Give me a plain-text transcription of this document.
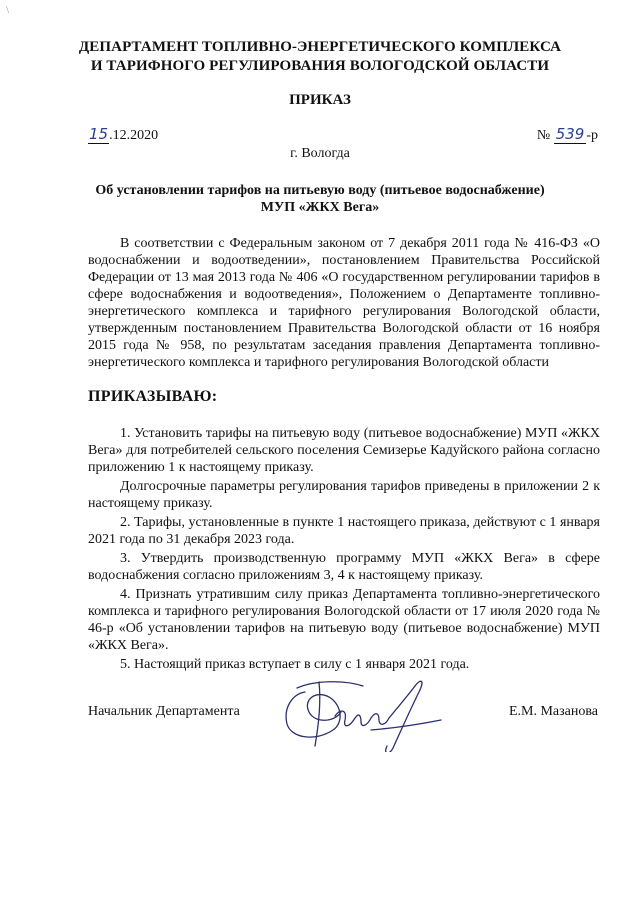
\
ДЕПАРТАМЕНТ ТОПЛИВНО-ЭНЕРГЕТИЧЕСКОГО КОМПЛЕКСА
И ТАРИФНОГО РЕГУЛИРОВАНИЯ ВОЛОГОДСКОЙ ОБЛАСТИ
ПРИКАЗ
15.12.2020	№ 539 -р
г. Вологда
Об установлении тарифов на питьевую воду (питьевое водоснабжение)
МУП «ЖКХ Вега»

В соответствии с Федеральным законом от 7 декабря 2011 года № 416-ФЗ «О водоснабжении и водоотведении», постановлением Правительства Российской Федерации от 13 мая 2013 года № 406 «О государственном регулировании тарифов в сфере водоснабжения и водоотведения», Положением о Департаменте топливно-энергетического комплекса и тарифного регулирования Вологодской области, утвержденным постановлением Правительства Вологодской области от 16 ноября 2015 года № 958, по результатам заседания правления Департамента топливно-энергетического комплекса и тарифного регулирования Вологодской области

ПРИКАЗЫВАЮ:

1. Установить тарифы на питьевую воду (питьевое водоснабжение) МУП «ЖКХ Вега» для потребителей сельского поселения Семизерье Кадуйского района согласно приложению 1 к настоящему приказу.

Долгосрочные параметры регулирования тарифов приведены в приложении 2 к настоящему приказу.

2. Тарифы, установленные в пункте 1 настоящего приказа, действуют с 1 января 2021 года по 31 декабря 2023 года.

3. Утвердить производственную программу МУП «ЖКХ Вега» в сфере водоснабжения согласно приложениям 3, 4 к настоящему приказу.

4. Признать утратившим силу приказ Департамента топливно-энергетического комплекса и тарифного регулирования Вологодской области от 17 июля 2020 года № 46-р «Об установлении тарифов на питьевую воду (питьевое водоснабжение) МУП «ЖКХ Вега».

5. Настоящий приказ вступает в силу с 1 января 2021 года.

Начальник Департамента	Е.М. Мазанова
